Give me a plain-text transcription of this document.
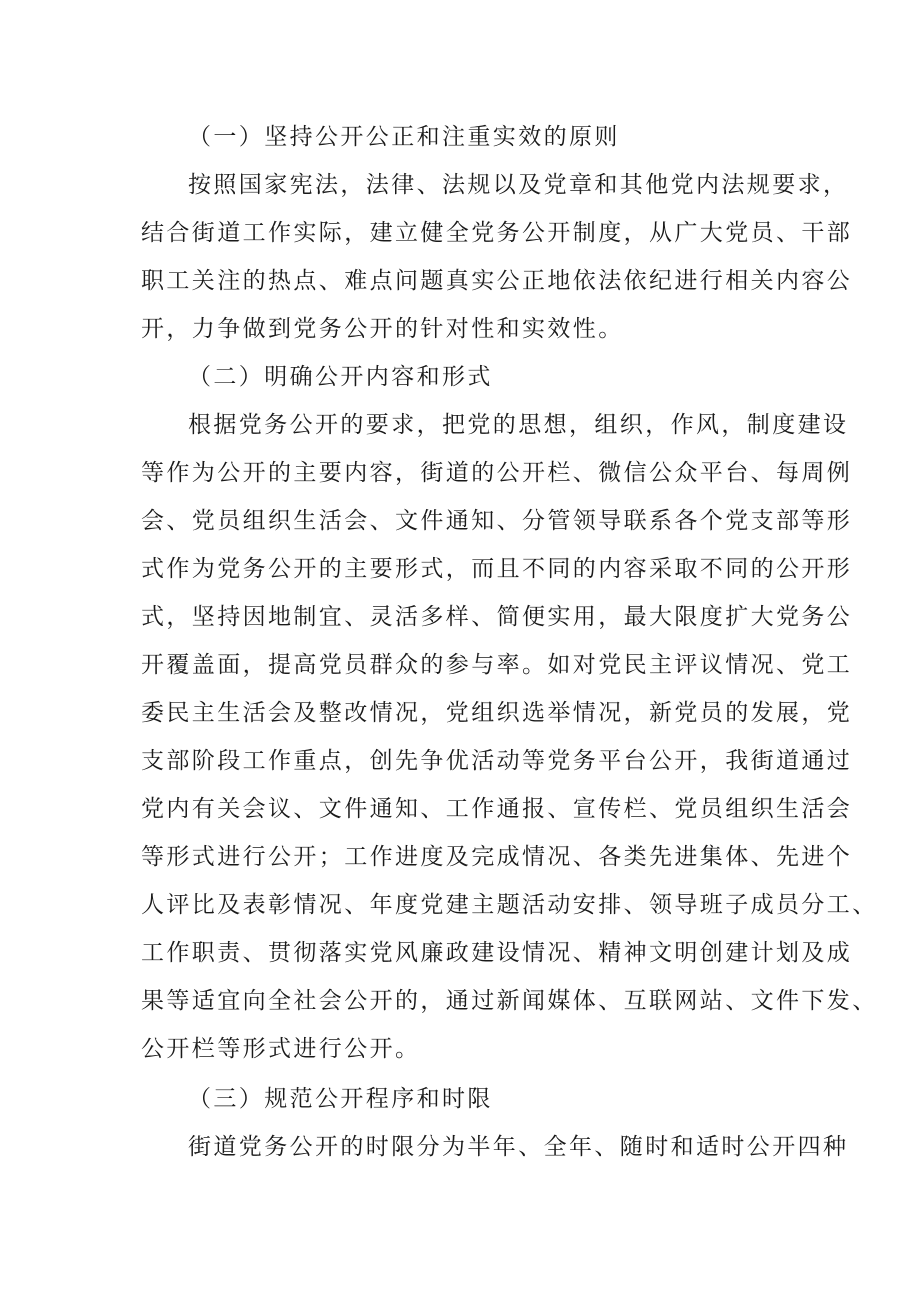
（一）坚持公开公正和注重实效的原则

按照国家宪法，法律、法规以及党章和其他党内法规要求，

结合街道工作实际，建立健全党务公开制度，从广大党员、干部

职工关注的热点、难点问题真实公正地依法依纪进行相关内容公

开，力争做到党务公开的针对性和实效性。

（二）明确公开内容和形式

根据党务公开的要求，把党的思想，组织，作风，制度建设

等作为公开的主要内容，街道的公开栏、微信公众平台、每周例

会、党员组织生活会、文件通知、分管领导联系各个党支部等形

式作为党务公开的主要形式，而且不同的内容采取不同的公开形

式，坚持因地制宜、灵活多样、简便实用，最大限度扩大党务公

开覆盖面，提高党员群众的参与率。如对党民主评议情况、党工

委民主生活会及整改情况，党组织选举情况，新党员的发展，党

支部阶段工作重点，创先争优活动等党务平台公开，我街道通过

党内有关会议、文件通知、工作通报、宣传栏、党员组织生活会

等形式进行公开；工作进度及完成情况、各类先进集体、先进个

人评比及表彰情况、年度党建主题活动安排、领导班子成员分工、

工作职责、贯彻落实党风廉政建设情况、精神文明创建计划及成

果等适宜向全社会公开的，通过新闻媒体、互联网站、文件下发、

公开栏等形式进行公开。

（三）规范公开程序和时限

街道党务公开的时限分为半年、全年、随时和适时公开四种
